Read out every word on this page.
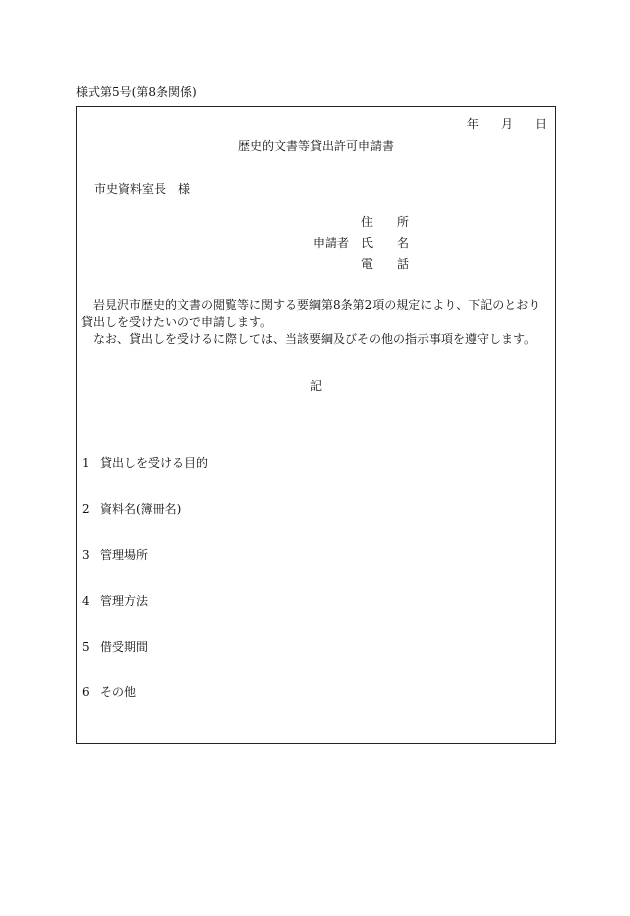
様式第5号(第8条関係)
年 月 日
歴史的文書等貸出許可申請書
市史資料室長　様
申請者
住　　所
氏　　名
電　　話

岩見沢市歴史的文書の閲覧等に関する要綱第8条第2項の規定により、下記のとおり貸出しを受けたいので申請します。

なお、貸出しを受けるに際しては、当該要綱及びその他の指示事項を遵守します。

記
1 貸出しを受ける目的
2 資料名(簿冊名)
3 管理場所
4 管理方法
5 借受期間
6 その他
